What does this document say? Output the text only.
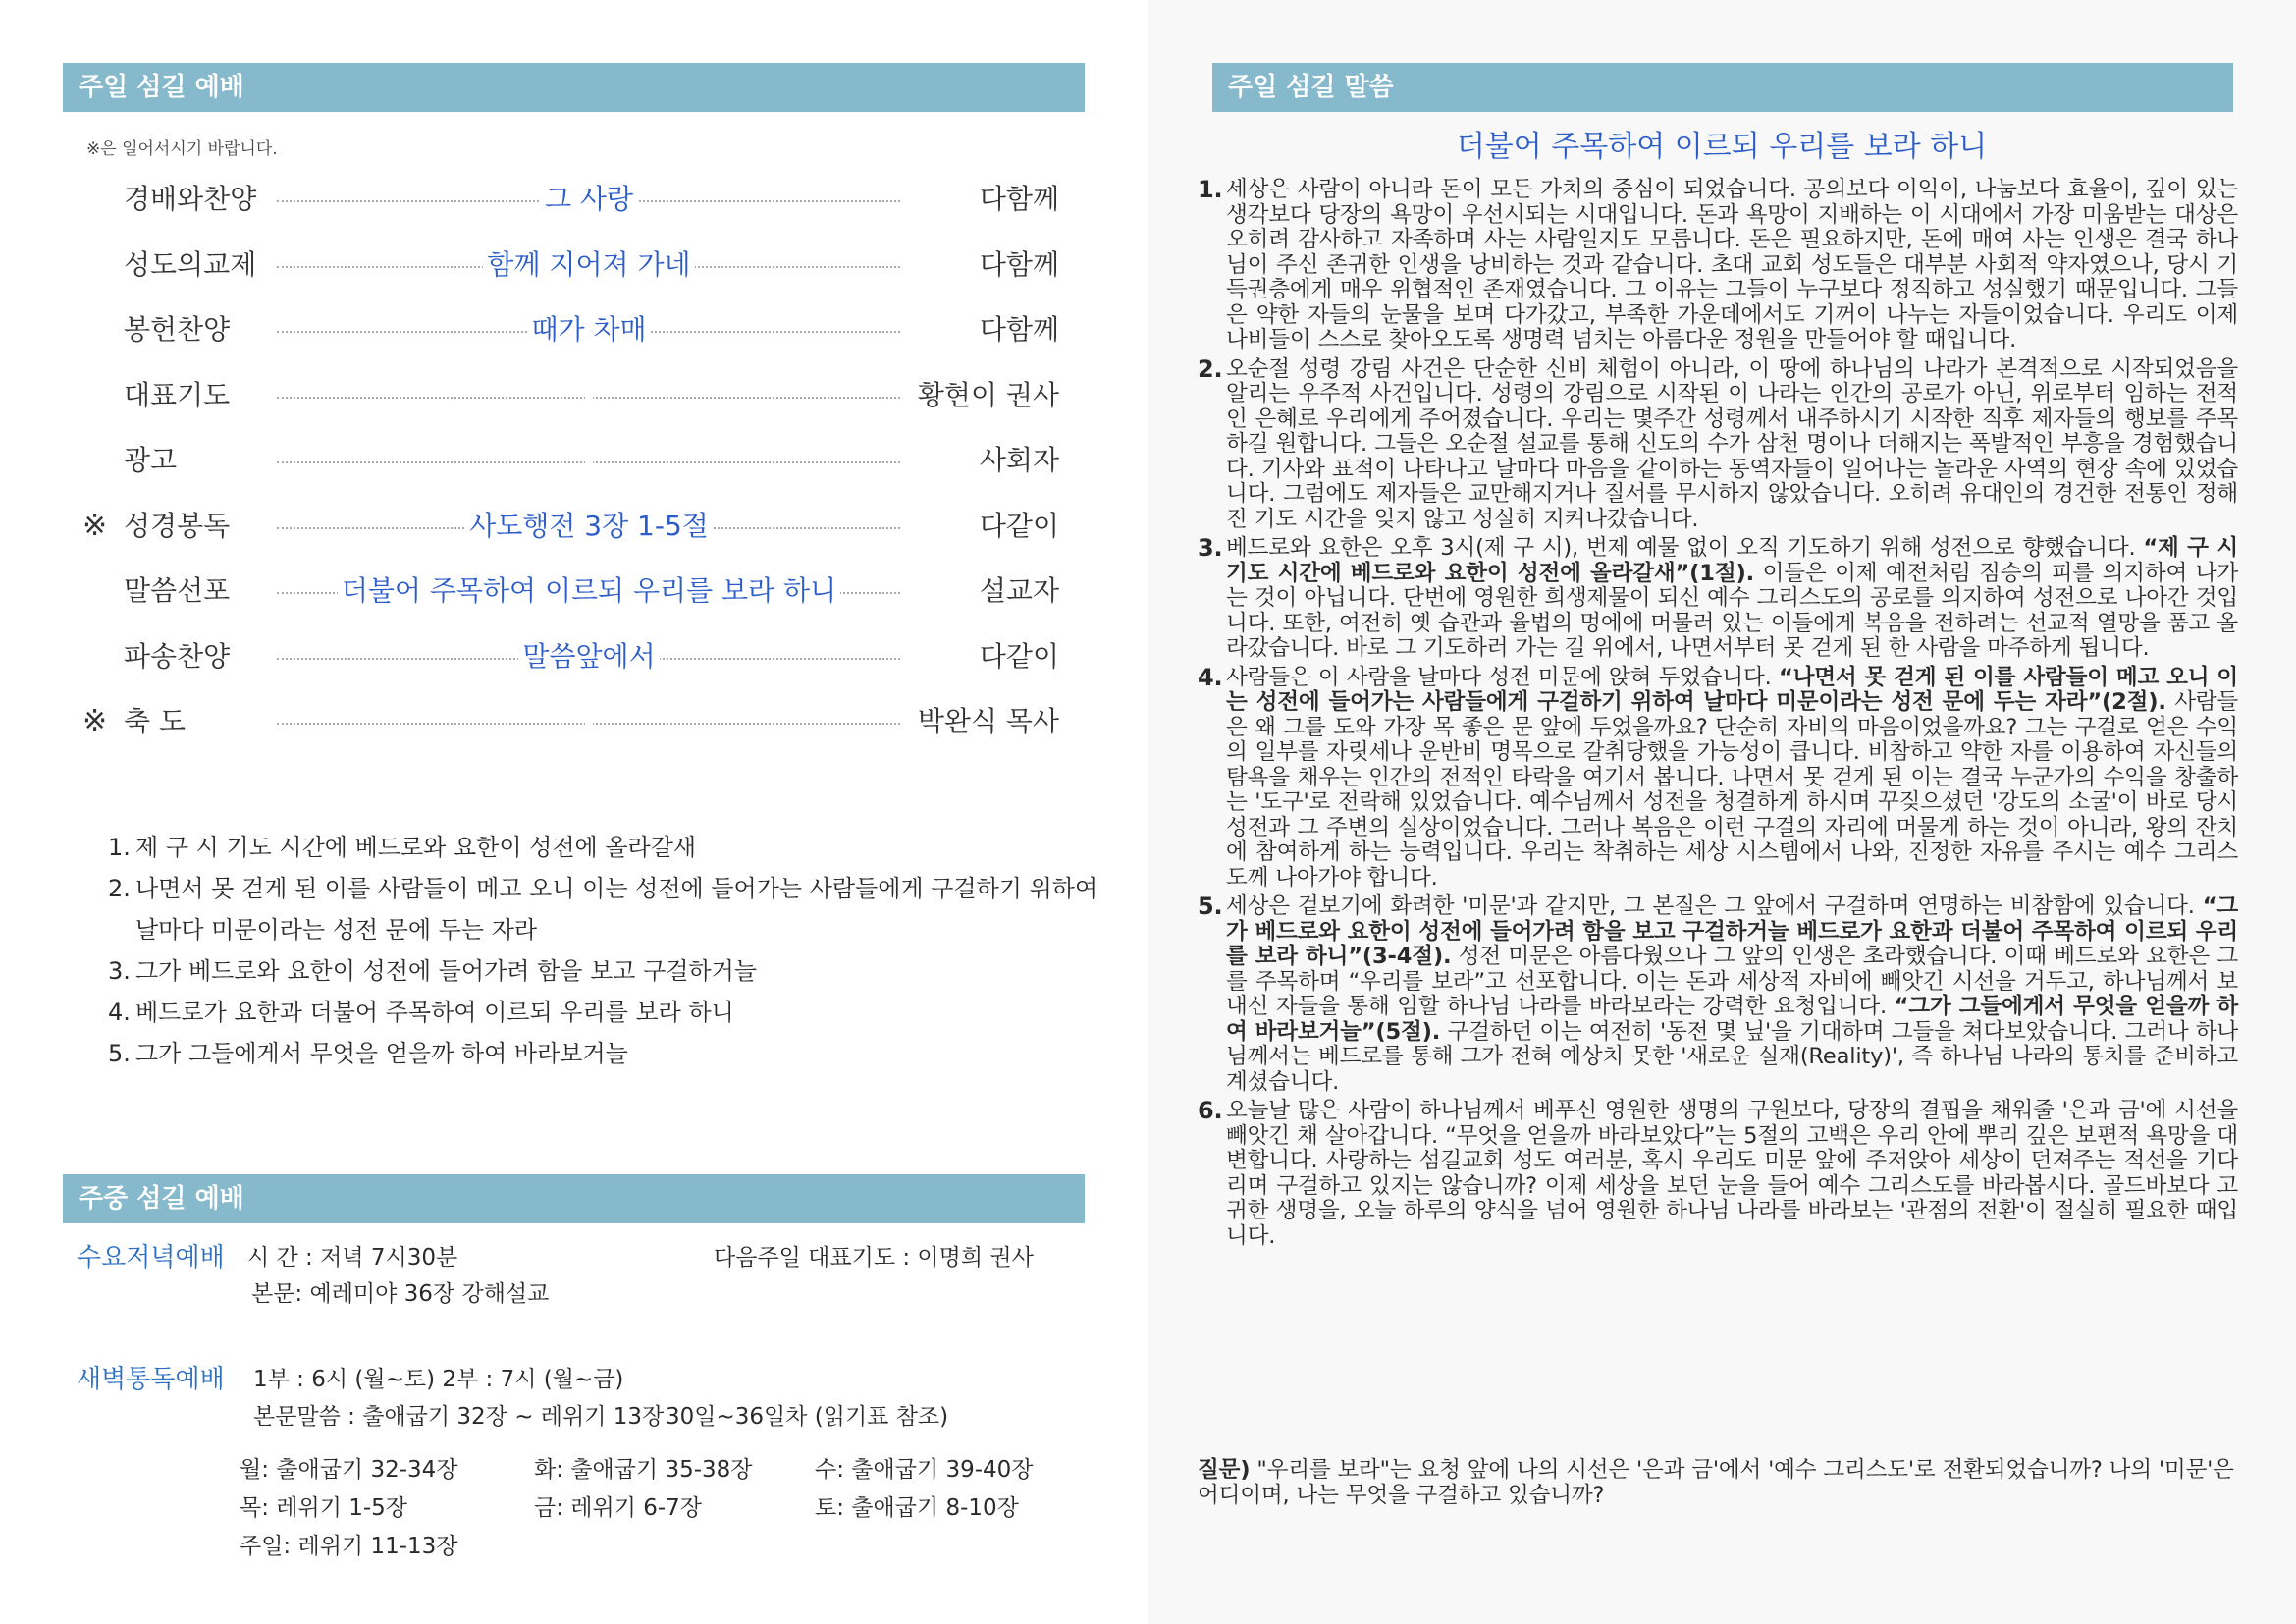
주일 섬길 예배
※은 일어서시기 바랍니다.
경배와찬양	그 사랑	다함께
성도의교제	함께 지어져 가네	다함께
봉헌찬양	때가 차매	다함께
대표기도	황현이 권사
광고	사회자
※ 성경봉독	사도행전 3장 1-5절	다같이
말씀선포	더불어 주목하여 이르되 우리를 보라 하니	설교자
파송찬양	말씀앞에서	다같이
※ 축 도	박완식 목사
1. 제 구 시 기도 시간에 베드로와 요한이 성전에 올라갈새
2. 나면서 못 걷게 된 이를 사람들이 메고 오니 이는 성전에 들어가는 사람들에게 구걸하기 위하여 날마다 미문이라는 성전 문에 두는 자라
3. 그가 베드로와 요한이 성전에 들어가려 함을 보고 구걸하거늘
4. 베드로가 요한과 더불어 주목하여 이르되 우리를 보라 하니
5. 그가 그들에게서 무엇을 얻을까 하여 바라보거늘
주중 섬길 예배
수요저녁예배 시 간 : 저녁 7시30분	다음주일 대표기도 : 이명희 권사
본문: 예레미야 36장 강해설교
새벽통독예배 1부 : 6시 (월~토) 2부 : 7시 (월~금)
본문말씀 : 출애굽기 32장 ~ 레위기 13장 30일~36일차 (읽기표 참조)
월: 출애굽기 32-34장	화: 출애굽기 35-38장	수: 출애굽기 39-40장
목: 레위기 1-5장	금: 레위기 6-7장	토: 출애굽기 8-10장
주일: 레위기 11-13장
주일 섬길 말씀
더불어 주목하여 이르되 우리를 보라 하니
1. 세상은 사람이 아니라 돈이 모든 가치의 중심이 되었습니다. 공의보다 이익이, 나눔보다 효율이, 깊이 있는 생각보다 당장의 욕망이 우선시되는 시대입니다. 돈과 욕망이 지배하는 이 시대에서 가장 미움받는 대상은 오히려 감사하고 자족하며 사는 사람일지도 모릅니다. 돈은 필요하지만, 돈에 매여 사는 인생은 결국 하나님이 주신 존귀한 인생을 낭비하는 것과 같습니다. 초대 교회 성도들은 대부분 사회적 약자였으나, 당시 기득권층에게 매우 위협적인 존재였습니다. 그 이유는 그들이 누구보다 정직하고 성실했기 때문입니다. 그들은 약한 자들의 눈물을 보며 다가갔고, 부족한 가운데에서도 기꺼이 나누는 자들이었습니다. 우리도 이제 나비들이 스스로 찾아오도록 생명력 넘치는 아름다운 정원을 만들어야 할 때입니다.
2. 오순절 성령 강림 사건은 단순한 신비 체험이 아니라, 이 땅에 하나님의 나라가 본격적으로 시작되었음을 알리는 우주적 사건입니다. 성령의 강림으로 시작된 이 나라는 인간의 공로가 아닌, 위로부터 임하는 전적인 은혜로 우리에게 주어졌습니다. 우리는 몇주간 성령께서 내주하시기 시작한 직후 제자들의 행보를 주목하길 원합니다. 그들은 오순절 설교를 통해 신도의 수가 삼천 명이나 더해지는 폭발적인 부흥을 경험했습니다. 기사와 표적이 나타나고 날마다 마음을 같이하는 동역자들이 일어나는 놀라운 사역의 현장 속에 있었습니다. 그럼에도 제자들은 교만해지거나 질서를 무시하지 않았습니다. 오히려 유대인의 경건한 전통인 정해진 기도 시간을 잊지 않고 성실히 지켜나갔습니다.
3. 베드로와 요한은 오후 3시(제 구 시), 번제 예물 없이 오직 기도하기 위해 성전으로 향했습니다. “제 구 시 기도 시간에 베드로와 요한이 성전에 올라갈새”(1절). 이들은 이제 예전처럼 짐승의 피를 의지하여 나가는 것이 아닙니다. 단번에 영원한 희생제물이 되신 예수 그리스도의 공로를 의지하여 성전으로 나아간 것입니다. 또한, 여전히 옛 습관과 율법의 멍에에 머물러 있는 이들에게 복음을 전하려는 선교적 열망을 품고 올라갔습니다. 바로 그 기도하러 가는 길 위에서, 나면서부터 못 걷게 된 한 사람을 마주하게 됩니다.
4. 사람들은 이 사람을 날마다 성전 미문에 앉혀 두었습니다. “나면서 못 걷게 된 이를 사람들이 메고 오니 이는 성전에 들어가는 사람들에게 구걸하기 위하여 날마다 미문이라는 성전 문에 두는 자라”(2절). 사람들은 왜 그를 도와 가장 목 좋은 문 앞에 두었을까요? 단순히 자비의 마음이었을까요? 그는 구걸로 얻은 수익의 일부를 자릿세나 운반비 명목으로 갈취당했을 가능성이 큽니다. 비참하고 약한 자를 이용하여 자신들의 탐욕을 채우는 인간의 전적인 타락을 여기서 봅니다. 나면서 못 걷게 된 이는 결국 누군가의 수익을 창출하는 '도구'로 전락해 있었습니다. 예수님께서 성전을 청결하게 하시며 꾸짖으셨던 '강도의 소굴'이 바로 당시 성전과 그 주변의 실상이었습니다. 그러나 복음은 이런 구걸의 자리에 머물게 하는 것이 아니라, 왕의 잔치에 참여하게 하는 능력입니다. 우리는 착취하는 세상 시스템에서 나와, 진정한 자유를 주시는 예수 그리스도께 나아가야 합니다.
5. 세상은 겉보기에 화려한 '미문'과 같지만, 그 본질은 그 앞에서 구걸하며 연명하는 비참함에 있습니다. “그가 베드로와 요한이 성전에 들어가려 함을 보고 구걸하거늘 베드로가 요한과 더불어 주목하여 이르되 우리를 보라 하니”(3-4절). 성전 미문은 아름다웠으나 그 앞의 인생은 초라했습니다. 이때 베드로와 요한은 그를 주목하며 “우리를 보라”고 선포합니다. 이는 돈과 세상적 자비에 빼앗긴 시선을 거두고, 하나님께서 보내신 자들을 통해 임할 하나님 나라를 바라보라는 강력한 요청입니다. “그가 그들에게서 무엇을 얻을까 하여 바라보거늘”(5절). 구걸하던 이는 여전히 '동전 몇 닢'을 기대하며 그들을 쳐다보았습니다. 그러나 하나님께서는 베드로를 통해 그가 전혀 예상치 못한 '새로운 실재(Reality)', 즉 하나님 나라의 통치를 준비하고 계셨습니다.
6. 오늘날 많은 사람이 하나님께서 베푸신 영원한 생명의 구원보다, 당장의 결핍을 채워줄 '은과 금'에 시선을 빼앗긴 채 살아갑니다. “무엇을 얻을까 바라보았다”는 5절의 고백은 우리 안에 뿌리 깊은 보편적 욕망을 대변합니다. 사랑하는 섬길교회 성도 여러분, 혹시 우리도 미문 앞에 주저앉아 세상이 던져주는 적선을 기다리며 구걸하고 있지는 않습니까? 이제 세상을 보던 눈을 들어 예수 그리스도를 바라봅시다. 골드바보다 고귀한 생명을, 오늘 하루의 양식을 넘어 영원한 하나님 나라를 바라보는 '관점의 전환'이 절실히 필요한 때입니다.
질문) "우리를 보라"는 요청 앞에 나의 시선은 '은과 금'에서 '예수 그리스도'로 전환되었습니까? 나의 '미문'은 어디이며, 나는 무엇을 구걸하고 있습니까?
